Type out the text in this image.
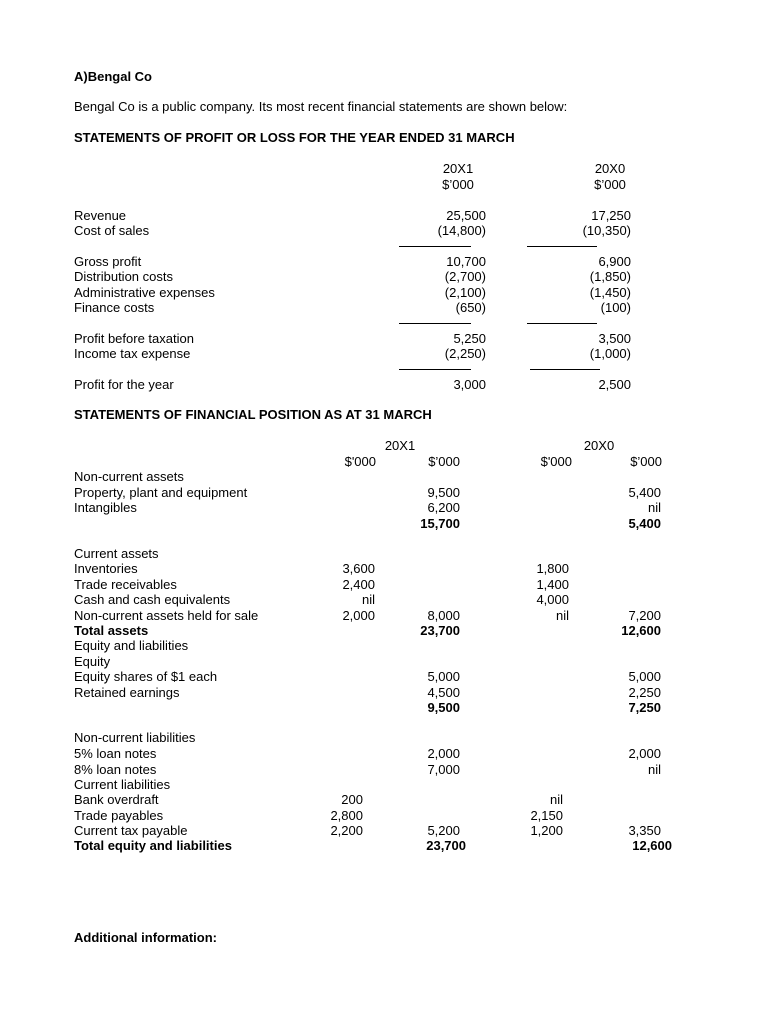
A)Bengal Co
Bengal Co is a public company. Its most recent financial statements are shown below:
STATEMENTS OF PROFIT OR LOSS FOR THE YEAR ENDED 31 MARCH
20X1
$’000
20X0
$’000
Revenue	25,500	17,250
Cost of sales	(14,800)	(10,350)
Gross profit	10,700	6,900
Distribution costs	(2,700)	(1,850)
Administrative expenses	(2,100)	(1,450)
Finance costs	(650)	(100)
Profit before taxation	5,250	3,500
Income tax expense	(2,250)	(1,000)
Profit for the year	3,000	2,500
STATEMENTS OF FINANCIAL POSITION AS AT 31 MARCH
20X1	20X0
$'000	$’000	$'000	$’000
Non-current assets
Property, plant and equipment	9,500	5,400
Intangibles	6,200	nil
15,700	5,400
Current assets
Inventories	3,600	1,800
Trade receivables	2,400	1,400
Cash and cash equivalents	nil	4,000
Non-current assets held for sale	2,000	8,000	nil	7,200
Total assets	23,700	12,600
Equity and liabilities
Equity
Equity shares of $1 each	5,000	5,000
Retained earnings	4,500	2,250
9,500	7,250
Non-current liabilities
5% loan notes	2,000	2,000
8% loan notes	7,000	nil
Current liabilities
Bank overdraft	200	nil
Trade payables	2,800	2,150
Current tax payable	2,200	5,200	1,200	3,350
Total equity and liabilities	23,700	12,600
Additional information:
